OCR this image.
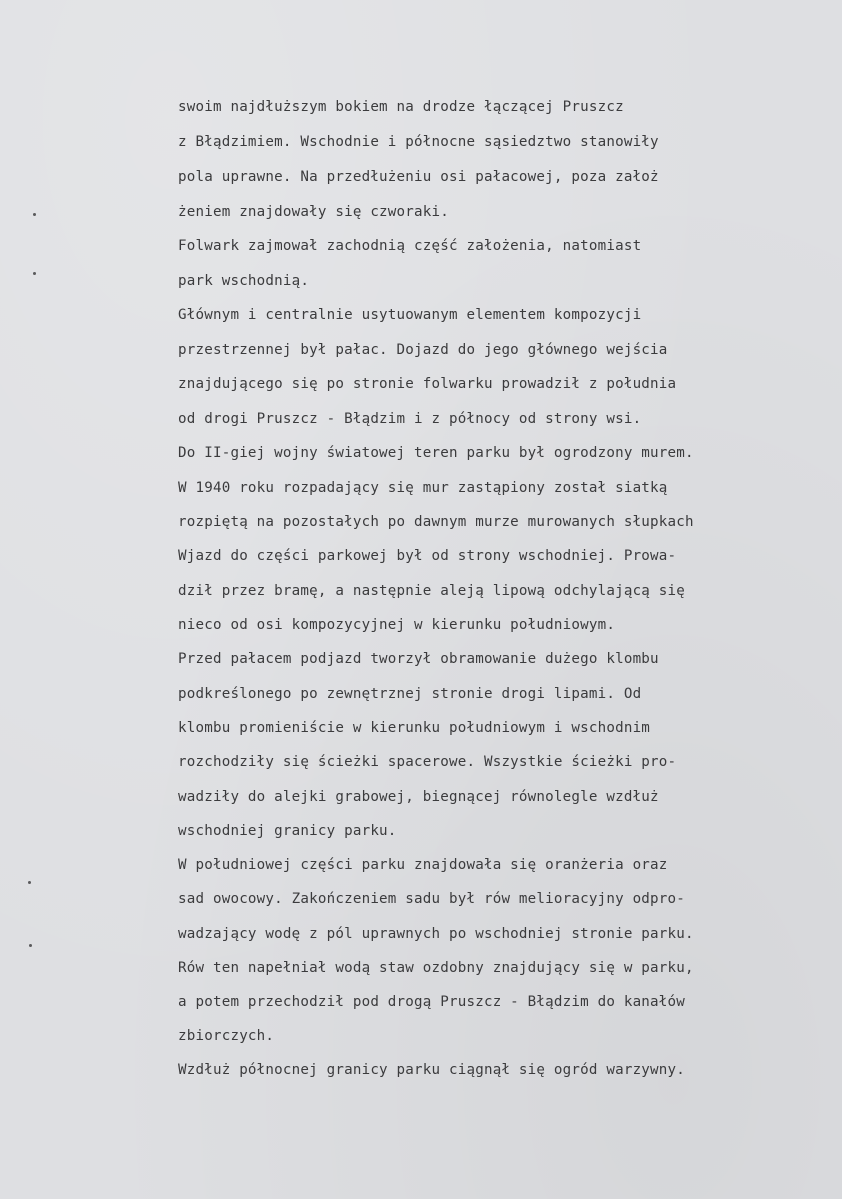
swoim najdłuższym bokiem na drodze łączącej Pruszcz
z Błądzimiem. Wschodnie i północne sąsiedztwo stanowiły
pola uprawne. Na przedłużeniu osi pałacowej, poza założ
żeniem znajdowały się czworaki.
Folwark zajmował zachodnią część założenia, natomiast
park wschodnią.
Głównym i centralnie usytuowanym elementem kompozycji
przestrzennej był pałac. Dojazd do jego głównego wejścia
znajdującego się po stronie folwarku prowadził z południa
od drogi Pruszcz - Błądzim i z północy od strony wsi.
Do II-giej wojny światowej teren parku był ogrodzony murem.
W 1940 roku rozpadający się mur zastąpiony został siatką
rozpiętą na pozostałych po dawnym murze murowanych słupkach
Wjazd do części parkowej był od strony wschodniej. Prowa-
dził przez bramę, a następnie aleją lipową odchylającą się
nieco od osi kompozycyjnej w kierunku południowym.
Przed pałacem podjazd tworzył obramowanie dużego klombu
podkreślonego po zewnętrznej stronie drogi lipami. Od
klombu promieniście w kierunku południowym i wschodnim
rozchodziły się ścieżki spacerowe. Wszystkie ścieżki pro-
wadziły do alejki grabowej, biegnącej równolegle wzdłuż
wschodniej granicy parku.
W południowej części parku znajdowała się oranżeria oraz
sad owocowy. Zakończeniem sadu był rów melioracyjny odpro-
wadzający wodę z pól uprawnych po wschodniej stronie parku.
Rów ten napełniał wodą staw ozdobny znajdujący się w parku,
a potem przechodził pod drogą Pruszcz - Błądzim do kanałów
zbiorczych.
Wzdłuż północnej granicy parku ciągnął się ogród warzywny.
